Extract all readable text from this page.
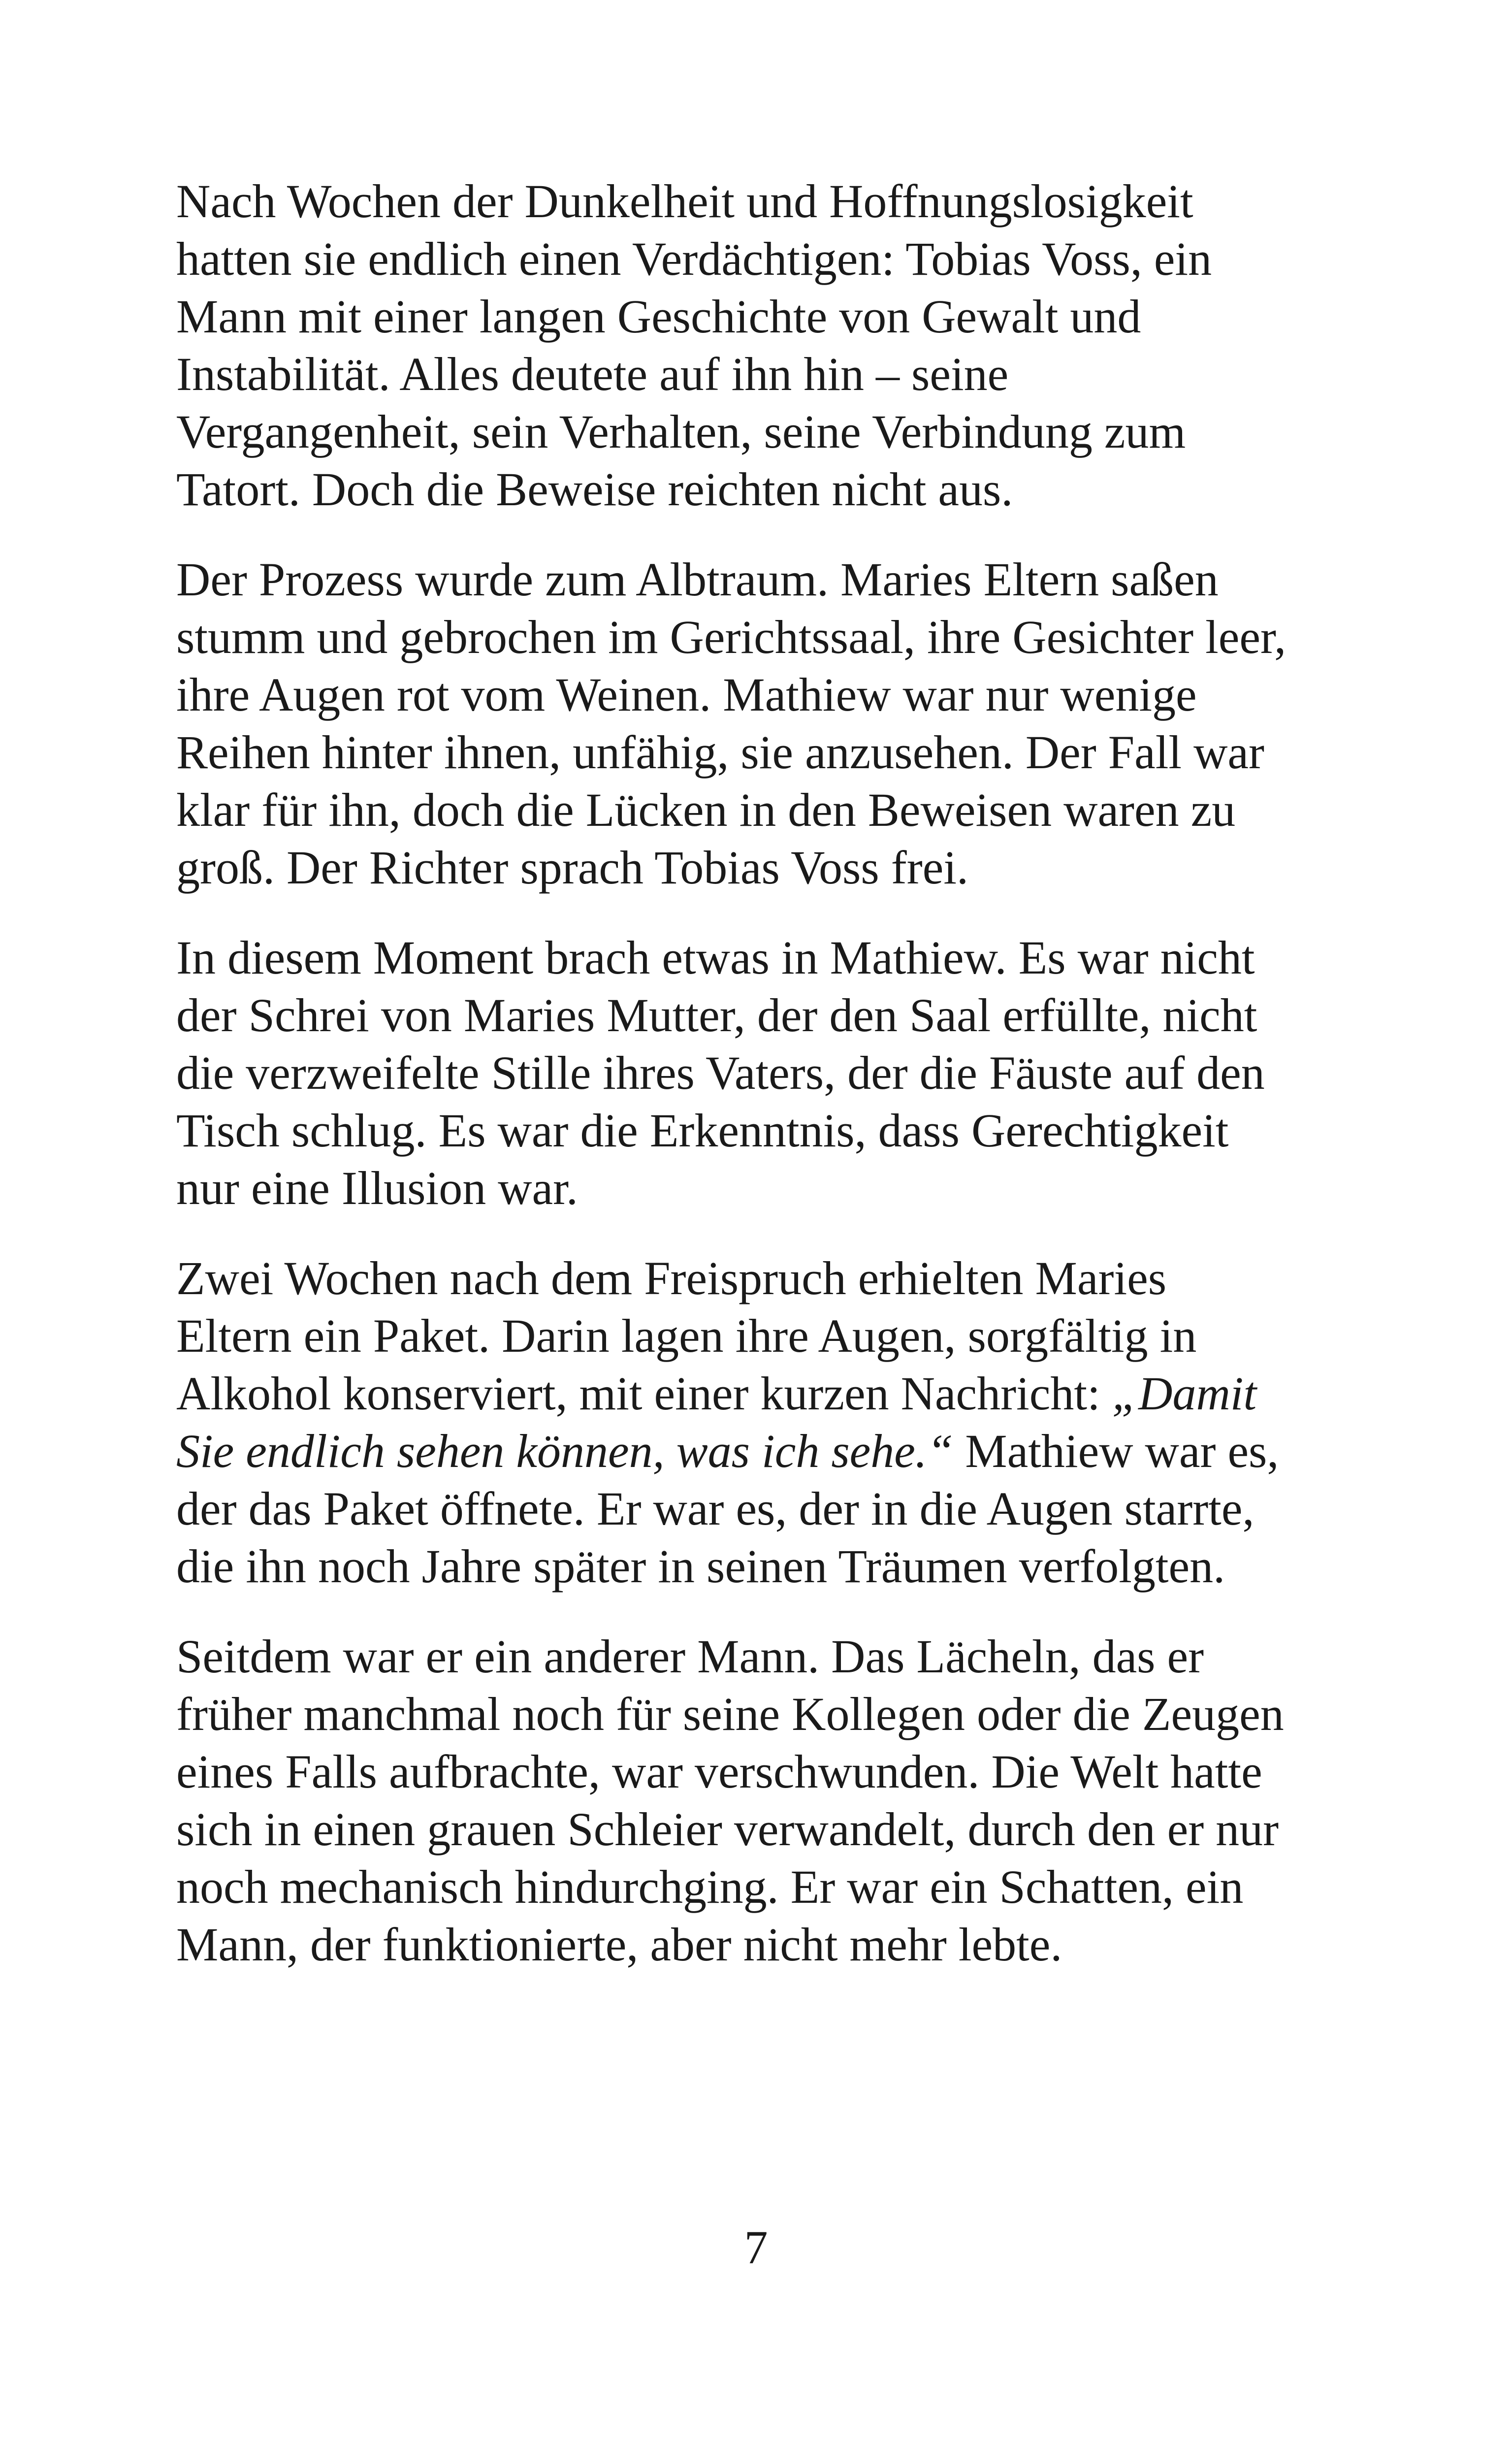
Nach Wochen der Dunkelheit und Hoffnungslosigkeit
hatten sie endlich einen Verdächtigen: Tobias Voss, ein
Mann mit einer langen Geschichte von Gewalt und
Instabilität. Alles deutete auf ihn hin – seine
Vergangenheit, sein Verhalten, seine Verbindung zum
Tatort. Doch die Beweise reichten nicht aus.

Der Prozess wurde zum Albtraum. Maries Eltern saßen
stumm und gebrochen im Gerichtssaal, ihre Gesichter leer,
ihre Augen rot vom Weinen. Mathiew war nur wenige
Reihen hinter ihnen, unfähig, sie anzusehen. Der Fall war
klar für ihn, doch die Lücken in den Beweisen waren zu
groß. Der Richter sprach Tobias Voss frei.

In diesem Moment brach etwas in Mathiew. Es war nicht
der Schrei von Maries Mutter, der den Saal erfüllte, nicht
die verzweifelte Stille ihres Vaters, der die Fäuste auf den
Tisch schlug. Es war die Erkenntnis, dass Gerechtigkeit
nur eine Illusion war.

Zwei Wochen nach dem Freispruch erhielten Maries
Eltern ein Paket. Darin lagen ihre Augen, sorgfältig in
Alkohol konserviert, mit einer kurzen Nachricht: „Damit
Sie endlich sehen können, was ich sehe.“ Mathiew war es,
der das Paket öffnete. Er war es, der in die Augen starrte,
die ihn noch Jahre später in seinen Träumen verfolgten.

Seitdem war er ein anderer Mann. Das Lächeln, das er
früher manchmal noch für seine Kollegen oder die Zeugen
eines Falls aufbrachte, war verschwunden. Die Welt hatte
sich in einen grauen Schleier verwandelt, durch den er nur
noch mechanisch hindurchging. Er war ein Schatten, ein
Mann, der funktionierte, aber nicht mehr lebte.

7
